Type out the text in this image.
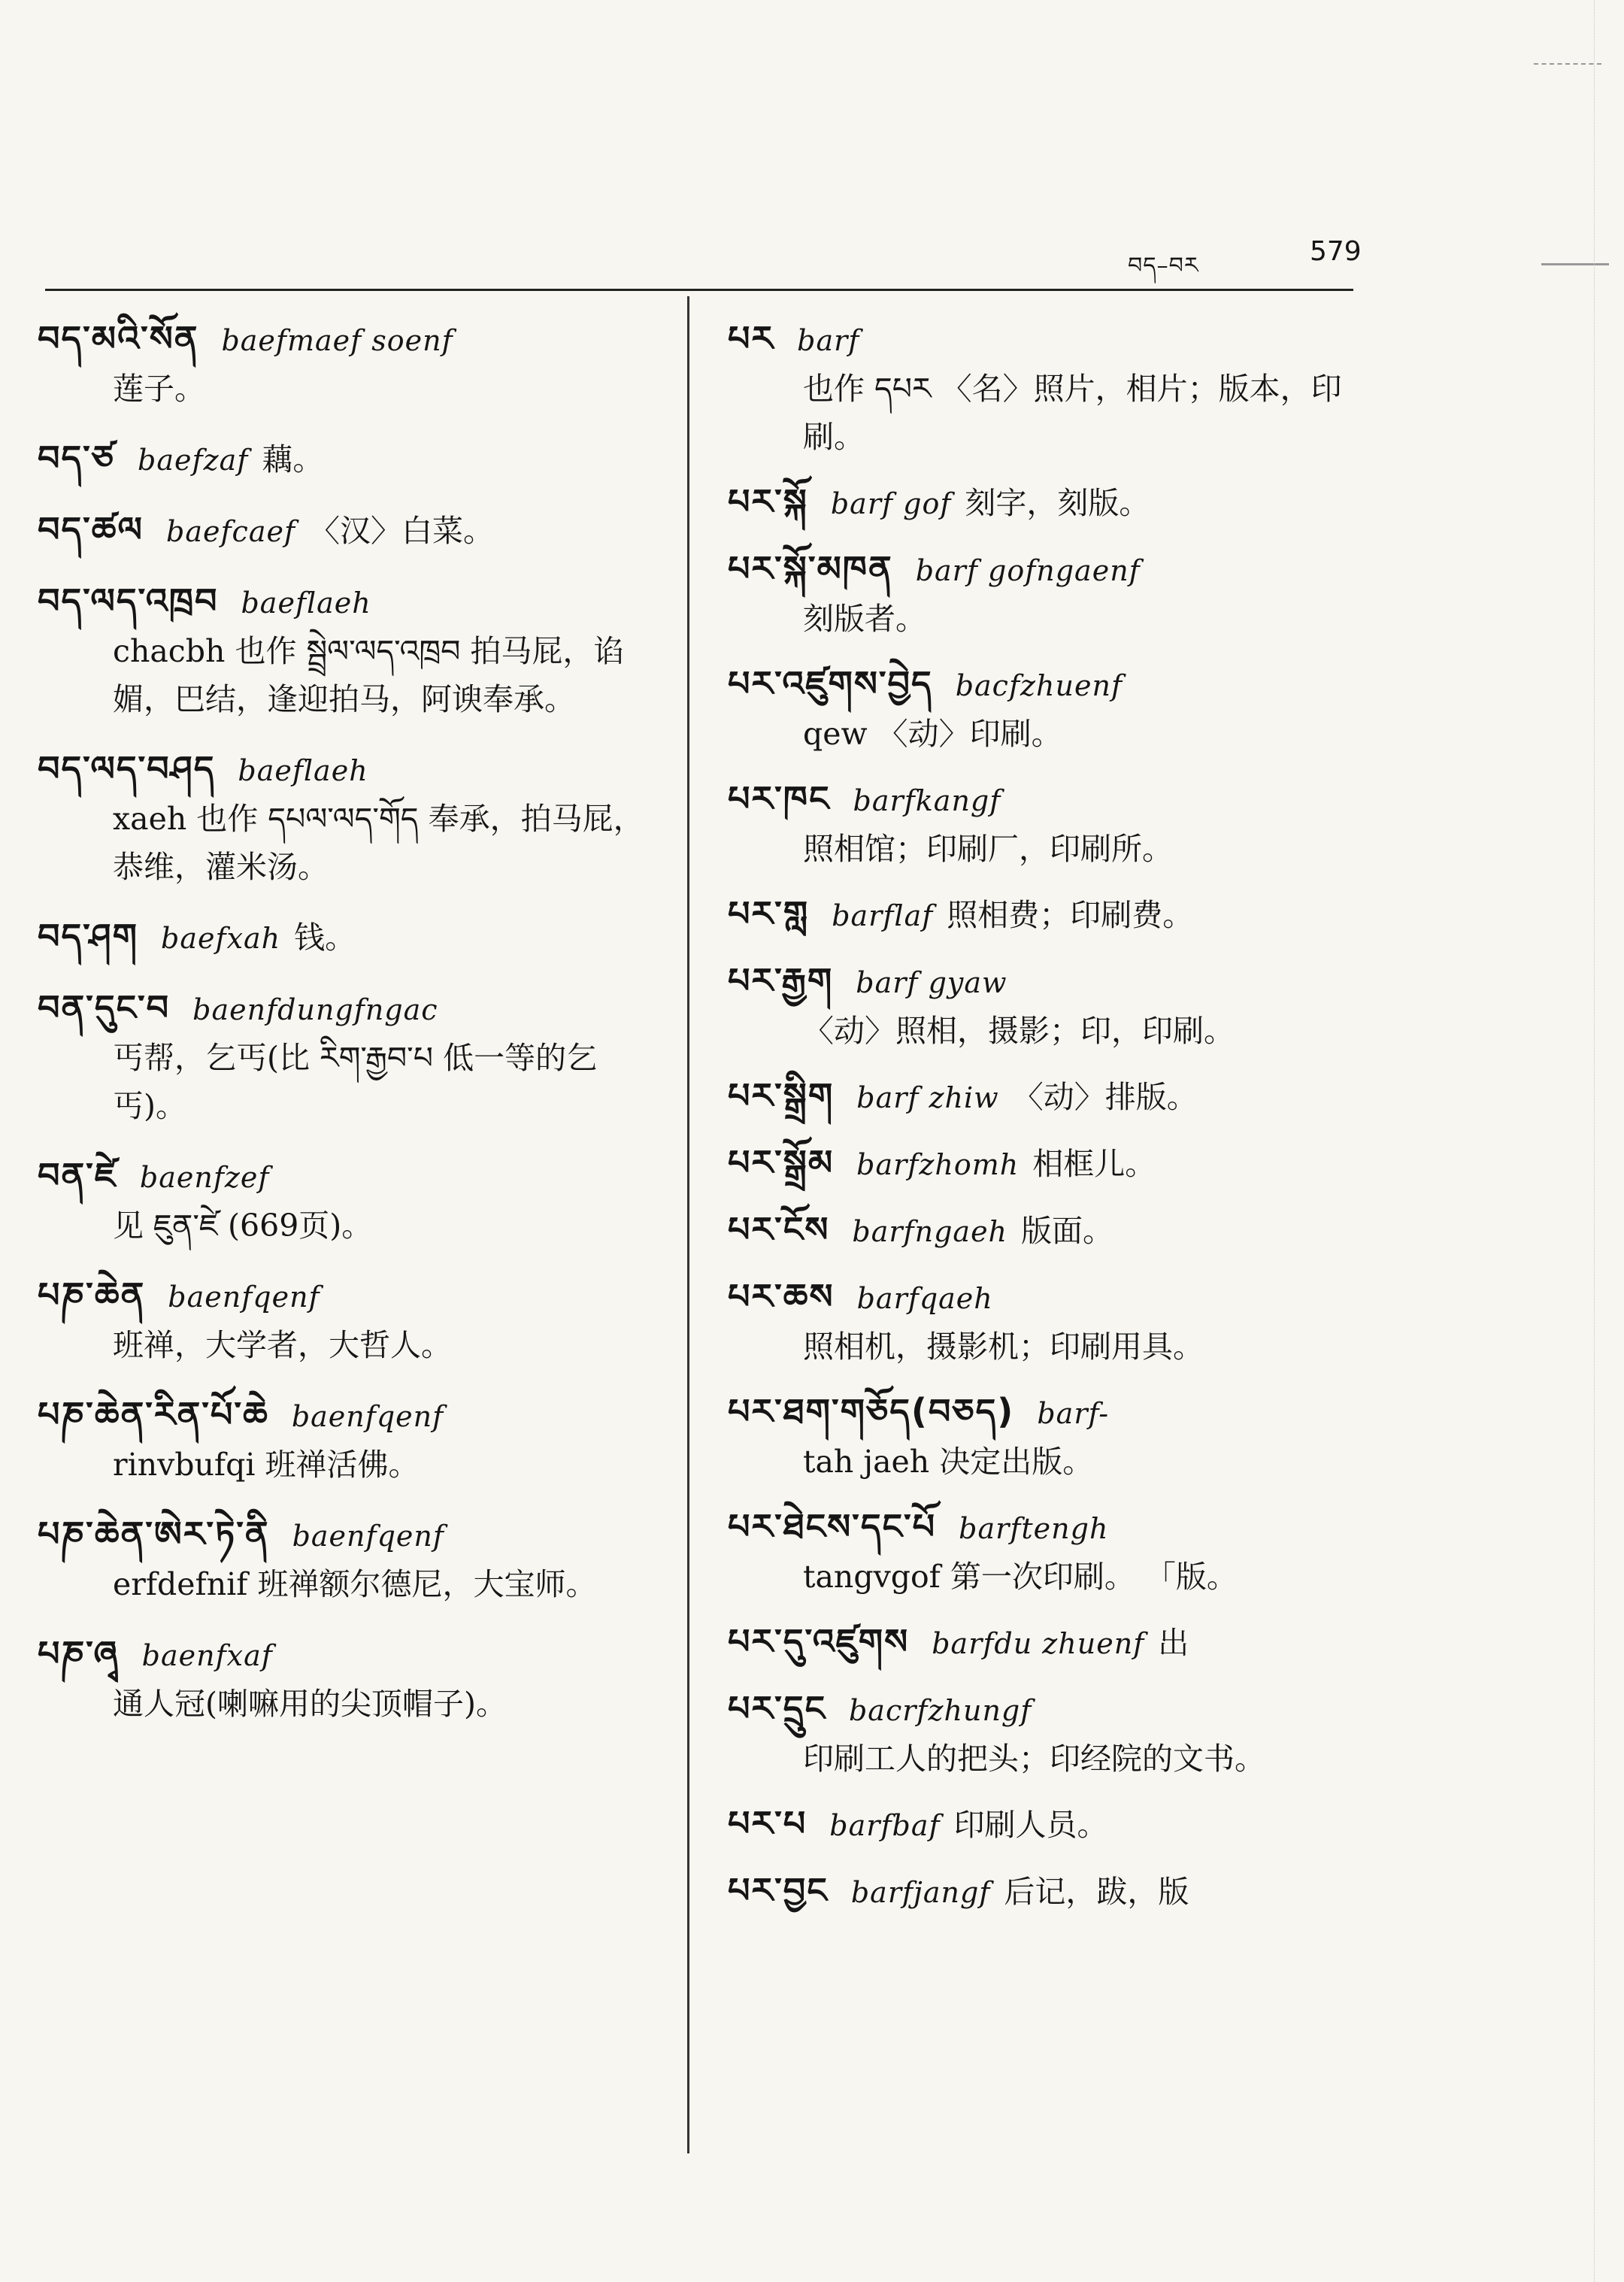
བད–བར	579
བད་མའི་སོན baefmaef soenf
莲子。
བད་ཙ baefzaf 藕。
བད་ཚལ baefcaef 〈汉〉白菜。
བད་ལད་འཁྲབ baeflaeh
chacbh 也作 སྦྲེལ་ལད་འཁྲབ 拍马屁，谄媚，巴结，逢迎拍马，阿谀奉承。
བད་ལད་བཤད baeflaeh
xaeh 也作 དཔལ་ལད་གོད 奉承，拍马屁，恭维，灌米汤。
བད་ཤག baefxah 钱。
བན་དུང་བ baenfdungfngac
丐帮，乞丐(比 རིག་རྒྱབ་པ 低一等的乞丐)。
བན་ཛེ baenfzef
见 ཇུན་ཛེ (669页)。
པཎ་ཆེན baenfqenf
班禅，大学者，大哲人。
པཎ་ཆེན་རིན་པོ་ཆེ baenfqenf
rinvbufqi 班禅活佛。
པཎ་ཆེན་ཨེར་ཏེ་ནི baenfqenf
erfdefnif 班禅额尔德尼，大宝师。
པཎ་ཞྭ baenfxaf
通人冠(喇嘛用的尖顶帽子)。
པར barf
也作 དཔར 〈名〉照片，相片；版本，印刷。
པར་སྐོ barf gof 刻字，刻版。
པར་སྐོ་མཁན barf gofngaenf
刻版者。
པར་འཛུགས་བྱེད bacfzhuenf
qew 〈动〉印刷。
པར་ཁང barfkangf
照相馆；印刷厂，印刷所。
པར་གླ barflaf 照相费；印刷费。
པར་རྒྱག barf gyaw
〈动〉照相，摄影；印，印刷。
པར་སྒྲིག barf zhiw 〈动〉排版。
པར་སྒྲོམ barfzhomh 相框儿。
པར་ངོས barfngaeh 版面。
པར་ཆས barfqaeh
照相机，摄影机；印刷用具。
པར་ཐག་གཅོད(བཅད) barf-
tah jaeh 决定出版。
པར་ཐེངས་དང་པོ barftengh
tangvgof 第一次印刷。 「版。
པར་དུ་འཛུགས barfdu zhuenf 出
པར་དྲུང bacrfzhungf
印刷工人的把头；印经院的文书。
པར་པ barfbaf 印刷人员。
པར་བྱང barfjangf 后记，跋，版
